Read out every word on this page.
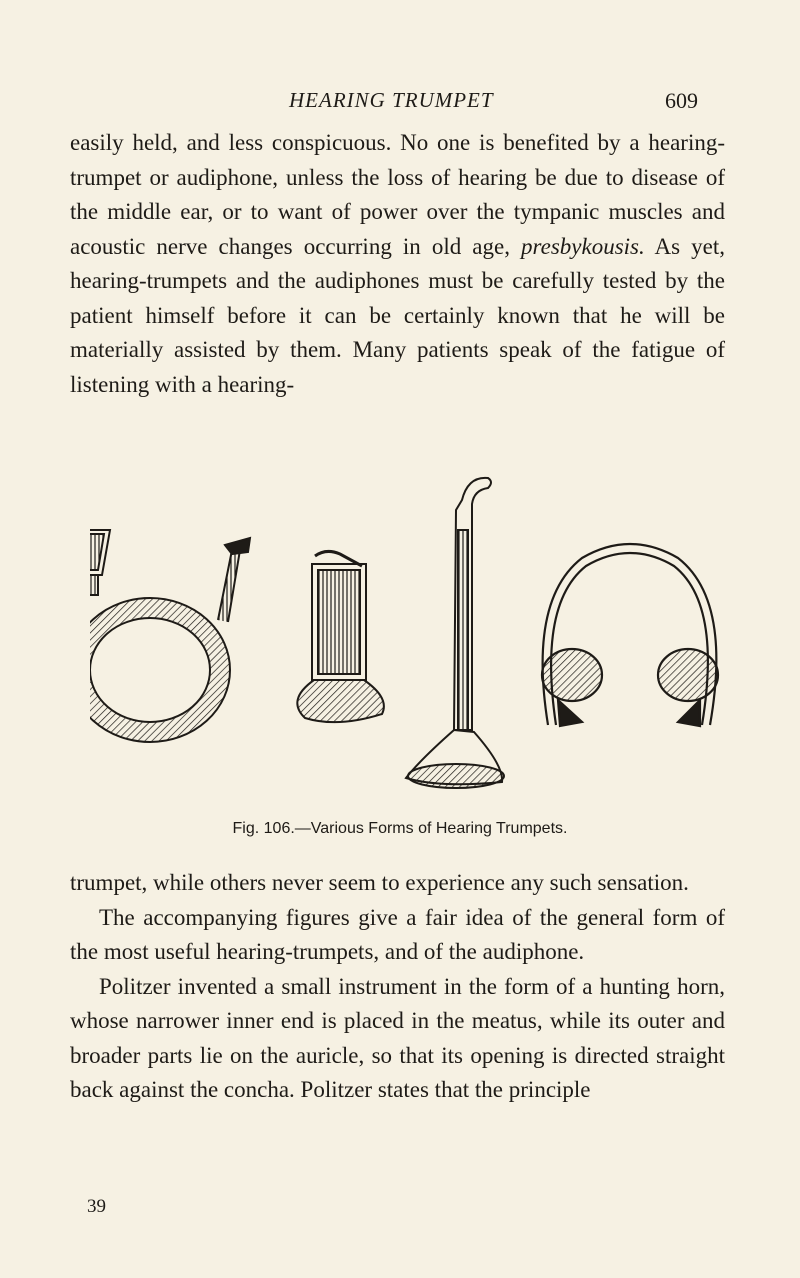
HEARING TRUMPET	609

easily held, and less conspicuous. No one is benefited by a hearing-trumpet or audiphone, unless the loss of hearing be due to disease of the middle ear, or to want of power over the tympanic muscles and acoustic nerve changes occurring in old age, presbykousis. As yet, hearing-trumpets and the audiphones must be carefully tested by the patient himself before it can be certainly known that he will be materially assisted by them. Many patients speak of the fatigue of listening with a hearing-

Fig. 106.—Various Forms of Hearing Trumpets.

trumpet, while others never seem to experience any such sensation.

The accompanying figures give a fair idea of the general form of the most useful hearing-trumpets, and of the audiphone.

Politzer invented a small instrument in the form of a hunting horn, whose narrower inner end is placed in the meatus, while its outer and broader parts lie on the auricle, so that its opening is directed straight back against the concha. Politzer states that the principle

39
